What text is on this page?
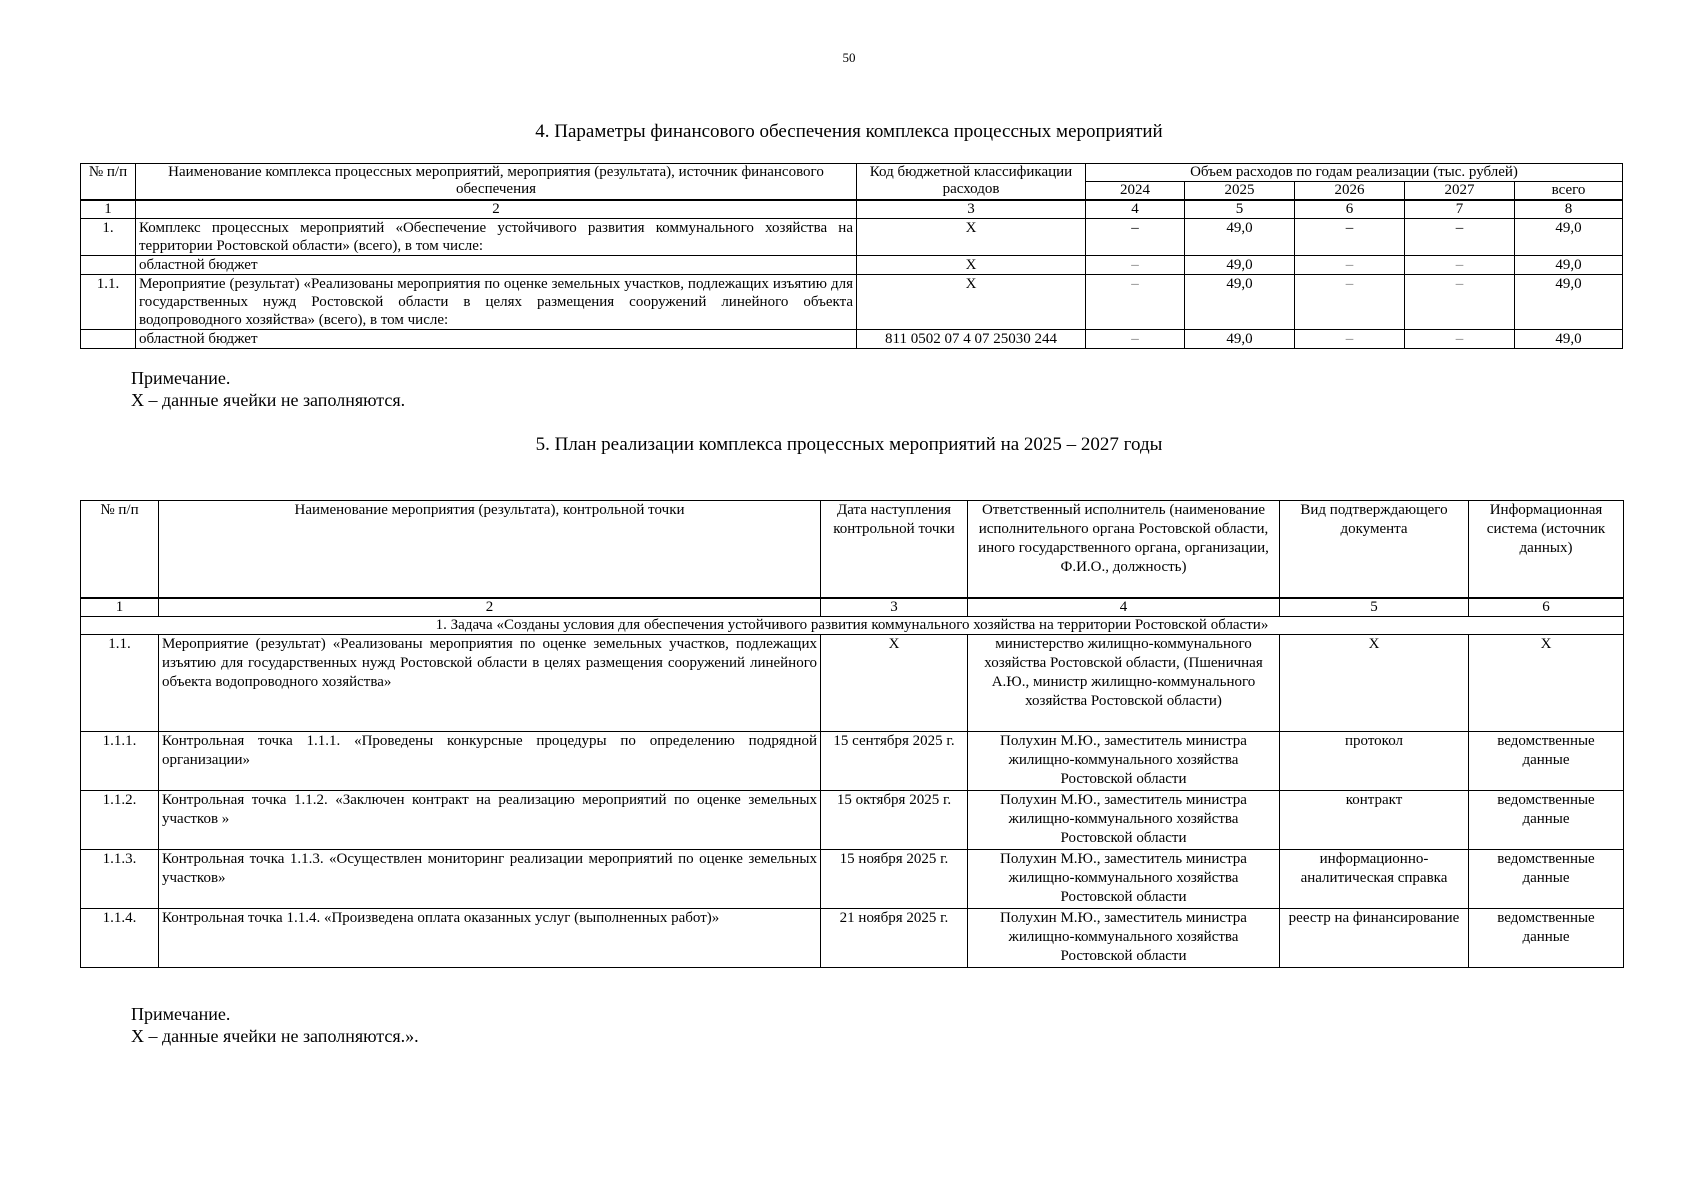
50
4. Параметры финансового обеспечения комплекса процессных мероприятий
№ п/п	Наименование комплекса процессных мероприятий, мероприятия (результата), источник финансового обеспечения	Код бюджетной классификации расходов	Объем расходов по годам реализации (тыс. рублей)				
			2024	2025	2026	2027	всего
1	2	3	4	5	6	7	8
1.	Комплекс процессных мероприятий «Обеспечение устойчивого развития коммунального хозяйства на территории Ростовской области» (всего), в том числе:	X	–	49,0	–	–	49,0
	областной бюджет	X	–	49,0	–	–	49,0
1.1.	Мероприятие (результат) «Реализованы мероприятия по оценке земельных участков, подлежащих изъятию для государственных нужд Ростовской области в целях размещения сооружений линейного объекта водопроводного хозяйства» (всего), в том числе:	X	–	49,0	–	–	49,0
	областной бюджет	811 0502 07 4 07 25030 244	–	49,0	–	–	49,0
Примечание.
X – данные ячейки не заполняются.
5. План реализации комплекса процессных мероприятий на 2025 – 2027 годы
№ п/п	Наименование мероприятия (результата), контрольной точки	Дата наступления контрольной точки	Ответственный исполнитель (наименование исполнительного органа Ростовской области, иного государственного органа, организации, Ф.И.О., должность)	Вид подтверждающего документа	Информационная система (источник данных)
1	2	3	4	5	6
1. Задача «Созданы условия для обеспечения устойчивого развития коммунального хозяйства на территории Ростовской области»					
1.1.	Мероприятие (результат) «Реализованы мероприятия по оценке земельных участков, подлежащих изъятию для государственных нужд Ростовской области в целях размещения сооружений линейного объекта водопроводного хозяйства»	X	министерство жилищно-коммунального хозяйства Ростовской области, (Пшеничная А.Ю., министр жилищно-коммунального хозяйства Ростовской области)	X	X
1.1.1.	Контрольная точка 1.1.1. «Проведены конкурсные процедуры по определению подрядной организации»	15 сентября 2025 г.	Полухин М.Ю., заместитель министра жилищно-коммунального хозяйства Ростовской области	протокол	ведомственные данные
1.1.2.	Контрольная точка 1.1.2. «Заключен контракт на реализацию мероприятий по оценке земельных участков »	15 октября 2025 г.	Полухин М.Ю., заместитель министра жилищно-коммунального хозяйства Ростовской области	контракт	ведомственные данные
1.1.3.	Контрольная точка 1.1.3. «Осуществлен мониторинг реализации мероприятий по оценке земельных участков»	15 ноября 2025 г.	Полухин М.Ю., заместитель министра жилищно-коммунального хозяйства Ростовской области	информационно-аналитическая справка	ведомственные данные
1.1.4.	Контрольная точка 1.1.4. «Произведена оплата оказанных услуг (выполненных работ)»	21 ноября 2025 г.	Полухин М.Ю., заместитель министра жилищно-коммунального хозяйства Ростовской области	реестр на финансирование	ведомственные данные
Примечание.
X – данные ячейки не заполняются.».
